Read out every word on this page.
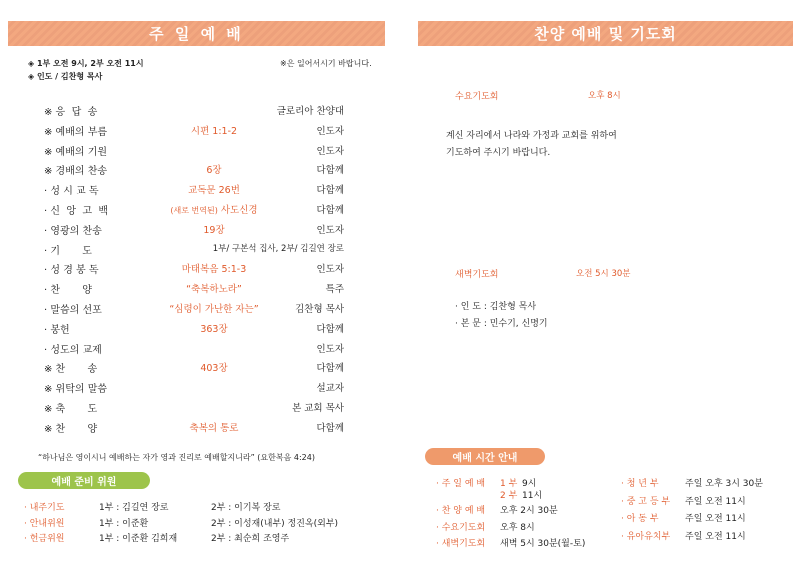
주 일 예 배
◈ 1부 오전 9시, 2부 오전 11시	※은 일어서시기 바랍니다.
◈ 인도 / 김찬형 목사
※ 응  답  송	글로리아 찬양대
※ 예배의 부름	시편 1:1-2	인도자
※ 예배의 기원	인도자
※ 경배의 찬송	6장	다함께
· 성 시 교 독	교독문 26번	다함께
· 신  앙  고  백	(새로 번역된) 사도신경	다함께
· 영광의 찬송	19장	인도자
· 기       도	1부/ 구본석 집사, 2부/ 김길연 장로
· 성 경 봉 독	마태복음 5:1-3	인도자
· 찬       양	“축복하노라”	특주
· 말씀의 선포	“심령이 가난한 자는”	김찬형 목사
· 봉헌	363장	다함께
· 성도의 교제	인도자
※ 찬       송	403장	다함께
※ 위탁의 말씀	설교자
※ 축       도	본 교회 목사
※ 찬       양	축복의 통로	다함께
“하나님은 영이시니 예배하는 자가 영과 진리로 예배할지니라” (요한복음 4:24)
예배 준비 위원
· 내주기도	1부 : 김길연 장로	2부 : 이기복 장로
· 안내위원	1부 : 이준환	2부 : 이성재(내부) 정진옥(외부)
· 헌금위원	1부 : 이준환 김희재	2부 : 최순희 조영주
찬양 예배 및 기도회
수요기도회	오후 8시
계신 자리에서 나라와 가정과 교회를 위하여
기도하여 주시기 바랍니다.
새벽기도회	오전 5시 30분
· 인 도 : 김찬형 목사
· 본 문 : 민수기, 신명기
예배 시간 안내
· 주 일 예 배 1 부 9시
2 부 11시
· 찬 양 예 배 오후 2시 30분
· 수요기도회 오후 8시
· 새벽기도회 새벽 5시 30분(월-토)
· 청 년 부	주일 오후 3시 30분
· 중 고 등 부 주일 오전 11시
· 아 동 부	주일 오전 11시
· 유아유치부 주일 오전 11시
